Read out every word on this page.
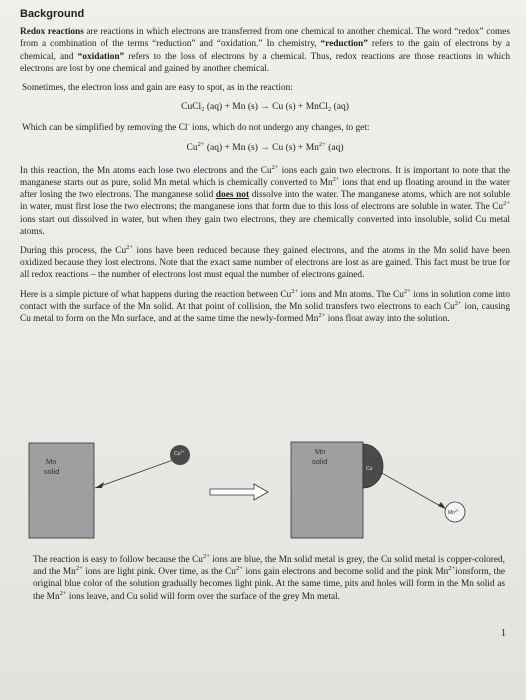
Background

Redox reactions are reactions in which electrons are transferred from one chemical to another chemical. The word “redox” comes from a combination of the terms “reduction” and “oxidation.” In chemistry, “reduction” refers to the gain of electrons by a chemical, and “oxidation” refers to the loss of electrons by a chemical. Thus, redox reactions are those reactions in which electrons are lost by one chemical and gained by another chemical.

Sometimes, the electron loss and gain are easy to spot, as in the reaction:

CuCl₂ (aq) + Mn (s) → Cu (s) + MnCl₂ (aq)

Which can be simplified by removing the Cl- ions, which do not undergo any changes, to get:

$Cu^{2+}$ (aq) + Mn (s) → Cu $(s) + Mn^{2+}$ (aq)

In this reaction, the Mn atoms each lose two electrons and the $Cu^{2+}$ ions each gain two electrons. It is important to note that the manganese starts out as pure, solid Mn metal which is chemically converted to $Mn^{2+}$ ions that end up floating around in the water after losing the two electrons. The manganese solid does not dissolve into the water. The manganese atoms, which are not soluble in water, must first lose the two electrons; the manganese ions that form due to this loss of electrons are soluble in water. The $Cu^{2+}$ ions start out dissolved in water, but when they gain two electrons, they are chemically converted into insoluble, solid Cu metal atoms.

During this process, the $Cu^{2+}$ ions have been reduced because they gained electrons, and the atoms in the Mn solid have been oxidized because they lost electrons. Note that the exact same number of electrons are lost as are gained. This fact must be true for all redox reactions – the number of electrons lost must equal the number of electrons gained.

Here is a simple picture of what happens during the reaction between $Cu^{2+}$ ions and Mn atoms. The $Cu^{2+}$ ions in solution come into contact with the surface of the Mn solid. At that point of collision, the Mn solid transfers two electrons to each $Cu^{2+}$ ion, causing Cu metal to form on the Mn surface, and at the same time the newly-formed $Mn^{2+}$ ions float away into the solution.

Mn
solid
$Cu^{2+}$	Mn
solid
Cu
$Mn^{2+}$
The reaction is easy to follow because the $Cu^{2+}$ ions are blue, the Mn solid metal is grey, the Cu solid metal is copper-colored, and the $Mn^{2+}$ ions are light pink. Over time, as the $Cu^{2+}$ ions gain electrons and become solid and the pink $Mn^{2+}ionsform$, the original blue color of the solution gradually becomes light pink. At the same time, pits and holes will form in the Mn solid as the $Mn^{2+}$ ions leave, and Cu solid will form over the surface of the grey Mn metal.
1
